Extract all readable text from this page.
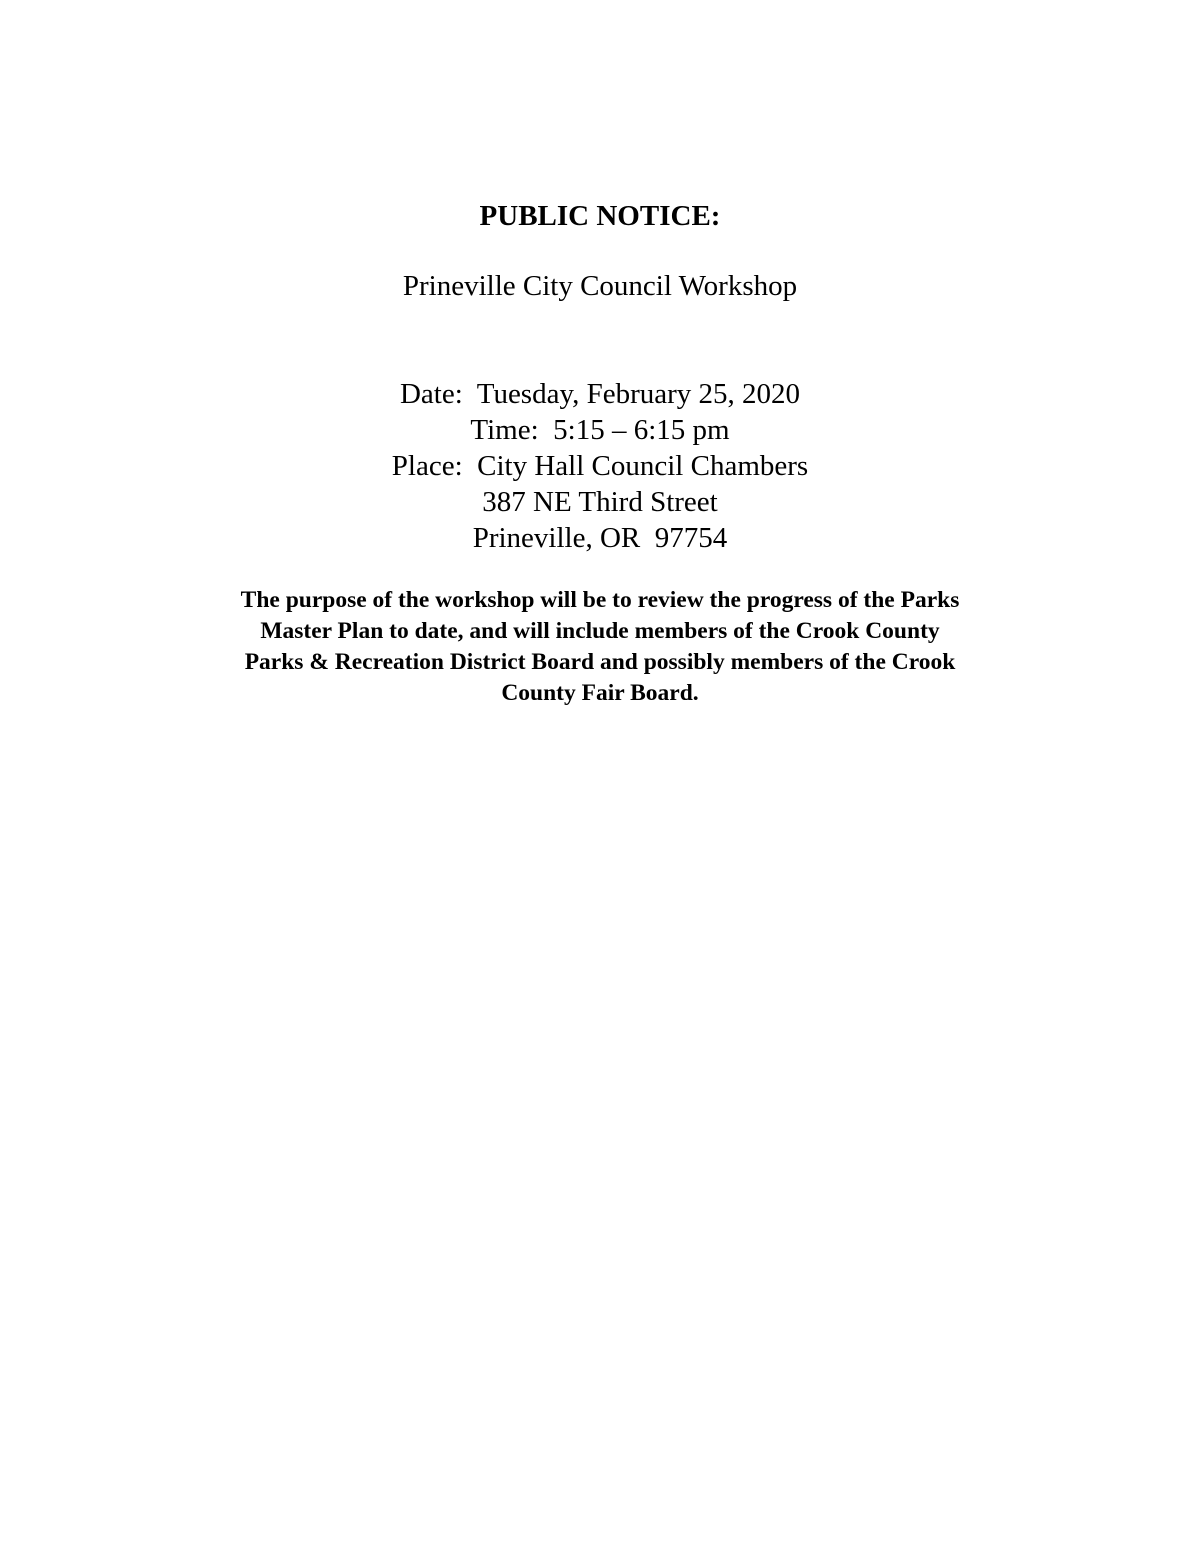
PUBLIC NOTICE:
Prineville City Council Workshop
Date:  Tuesday, February 25, 2020
Time:  5:15 – 6:15 pm
Place:  City Hall Council Chambers
387 NE Third Street
Prineville, OR  97754
The purpose of the workshop will be to review the progress of the Parks
Master Plan to date, and will include members of the Crook County
Parks & Recreation District Board and possibly members of the Crook
County Fair Board.
